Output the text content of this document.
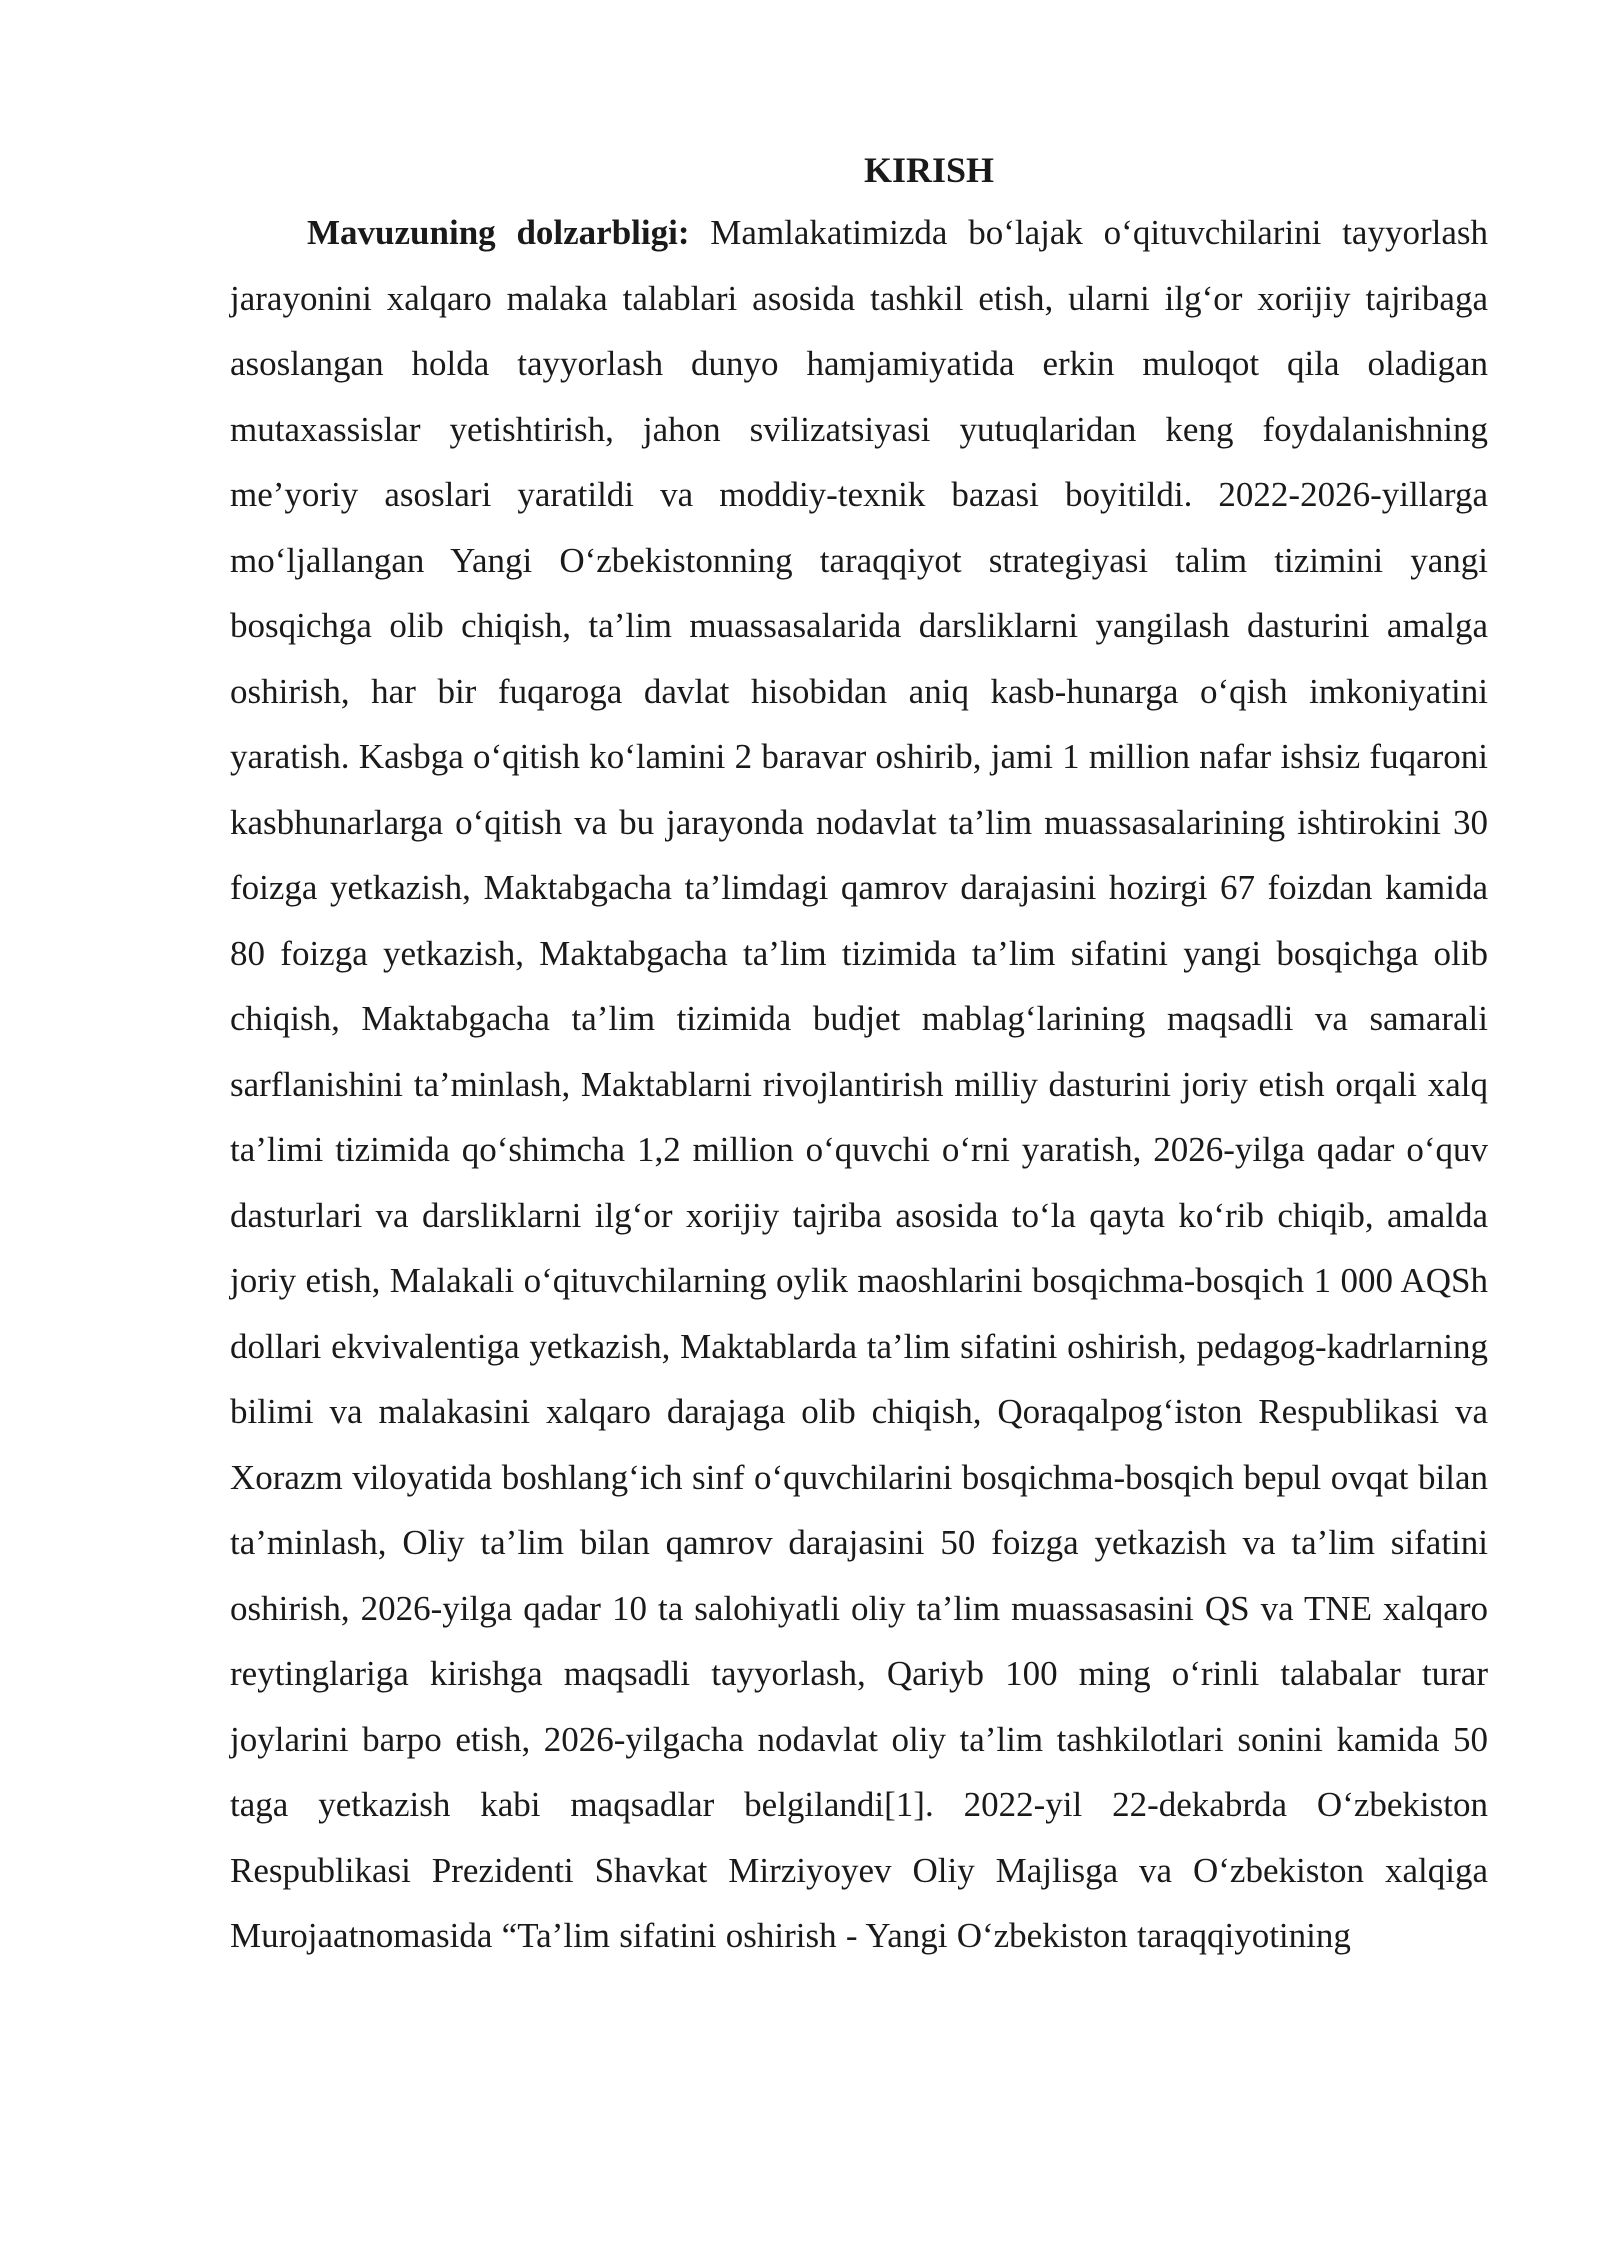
KIRISH

Mavuzuning dolzarbligi: Mamlakatimizda bo‘lajak o‘qituvchilarini tayyorlash jarayonini xalqaro malaka talablari asosida tashkil etish, ularni ilg‘or xorijiy tajribaga asoslangan holda tayyorlash dunyo hamjamiyatida erkin muloqot qila oladigan mutaxassislar yetishtirish, jahon svilizatsiyasi yutuqlaridan keng foydalanishning me’yoriy asoslari yaratildi va moddiy-texnik bazasi boyitildi. 2022-2026-yillarga mo‘ljallangan Yangi O‘zbekistonning taraqqiyot strategiyasi talim tizimini yangi bosqichga olib chiqish, ta’lim muassasalarida darsliklarni yangilash dasturini amalga oshirish, har bir fuqaroga davlat hisobidan aniq kasb-hunarga o‘qish imkoniyatini yaratish. Kasbga o‘qitish ko‘lamini 2 baravar oshirib, jami 1 million nafar ishsiz fuqaroni kasbhunarlarga o‘qitish va bu jarayonda nodavlat ta’lim muassasalarining ishtirokini 30 foizga yetkazish, Maktabgacha ta’limdagi qamrov darajasini hozirgi 67 foizdan kamida 80 foizga yetkazish, Maktabgacha ta’lim tizimida ta’lim sifatini yangi bosqichga olib chiqish, Maktabgacha ta’lim tizimida budjet mablag‘larining maqsadli va samarali sarflanishini ta’minlash, Maktablarni rivojlantirish milliy dasturini joriy etish orqali xalq ta’limi tizimida qo‘shimcha 1,2 million o‘quvchi o‘rni yaratish, 2026-yilga qadar o‘quv dasturlari va darsliklarni ilg‘or xorijiy tajriba asosida to‘la qayta ko‘rib chiqib, amalda joriy etish, Malakali o‘qituvchilarning oylik maoshlarini bosqichma-bosqich 1 000 AQSh dollari ekvivalentiga yetkazish, Maktablarda ta’lim sifatini oshirish, pedagog-kadrlarning bilimi va malakasini xalqaro darajaga olib chiqish, Qoraqalpog‘iston Respublikasi va Xorazm viloyatida boshlang‘ich sinf o‘quvchilarini bosqichma-bosqich bepul ovqat bilan ta’minlash, Oliy ta’lim bilan qamrov darajasini 50 foizga yetkazish va ta’lim sifatini oshirish, 2026-yilga qadar 10 ta salohiyatli oliy ta’lim muassasasini QS va TNE xalqaro reytinglariga kirishga maqsadli tayyorlash, Qariyb 100 ming o‘rinli talabalar turar joylarini barpo etish, 2026-yilgacha nodavlat oliy ta’lim tashkilotlari sonini kamida 50 taga yetkazish kabi maqsadlar belgilandi[1]. 2022-yil 22-dekabrda O‘zbekiston Respublikasi Prezidenti Shavkat Mirziyoyev Oliy Majlisga va O‘zbekiston xalqiga Murojaatnomasida “Ta’lim sifatini oshirish - Yangi O‘zbekiston taraqqiyotining
